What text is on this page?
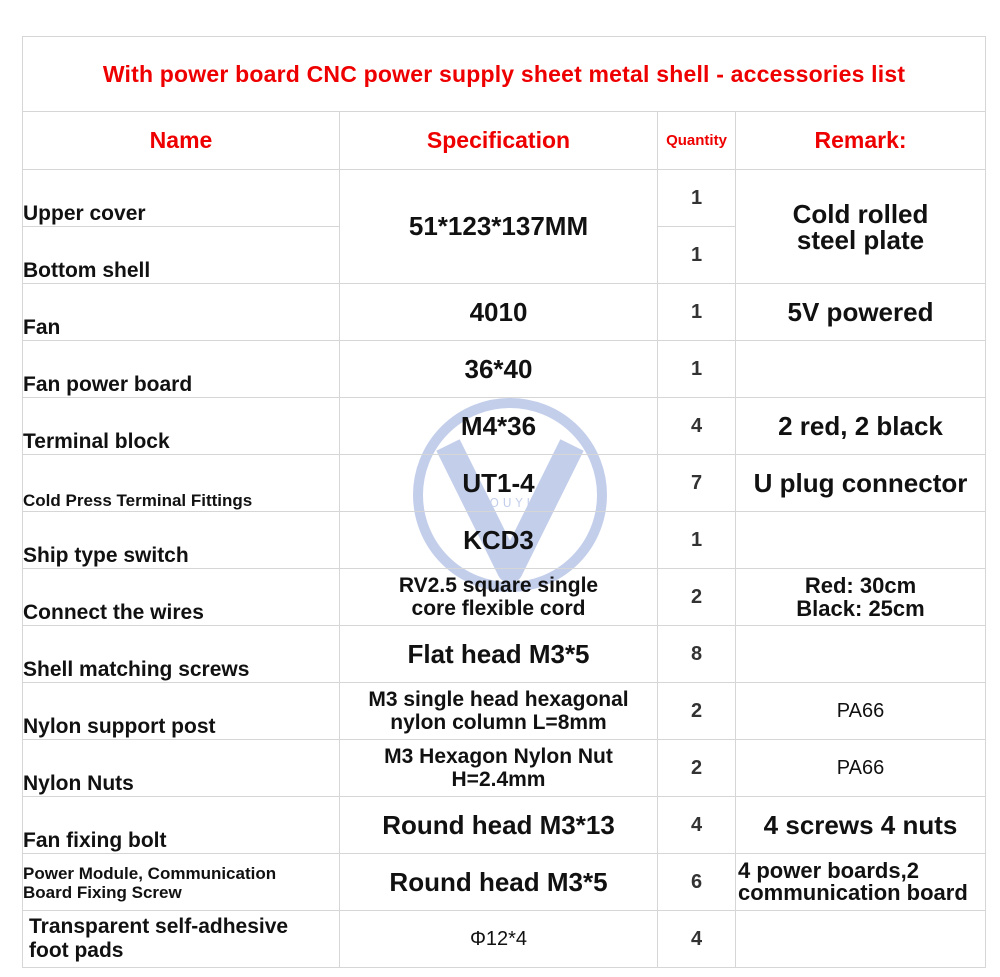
U O U Y I D
With power board CNC power supply sheet metal shell - accessories list			
Name	Specification	Quantity	Remark:
Upper cover	51*123*137MM	1	Cold rolled
steel plate

Bottom shell		1	
Fan	4010	1	5V powered
Fan power board	36*40	1	
Terminal block	M4*36	4	2 red, 2 black
Cold Press Terminal Fittings	UT1-4	7	U plug connector
Ship type switch	KCD3	1	
Connect the wires	RV2.5 square single
core flexible cord	2	Red: 30cm
Black: 25cm

Shell matching screws	Flat head M3*5	8	
Nylon support post	M3 single head hexagonal
nylon column L=8mm	2	PA66
Nylon Nuts	M3 Hexagon Nylon Nut
H=2.4mm	2	PA66
Fan fixing bolt	Round head M3*13	4	4 screws 4 nuts

Power Module, Communication
Board Fixing Screw	Round head M3*5	6	4 power boards,2
communication board

Transparent self-adhesive
foot pads	Φ12*4	4	
